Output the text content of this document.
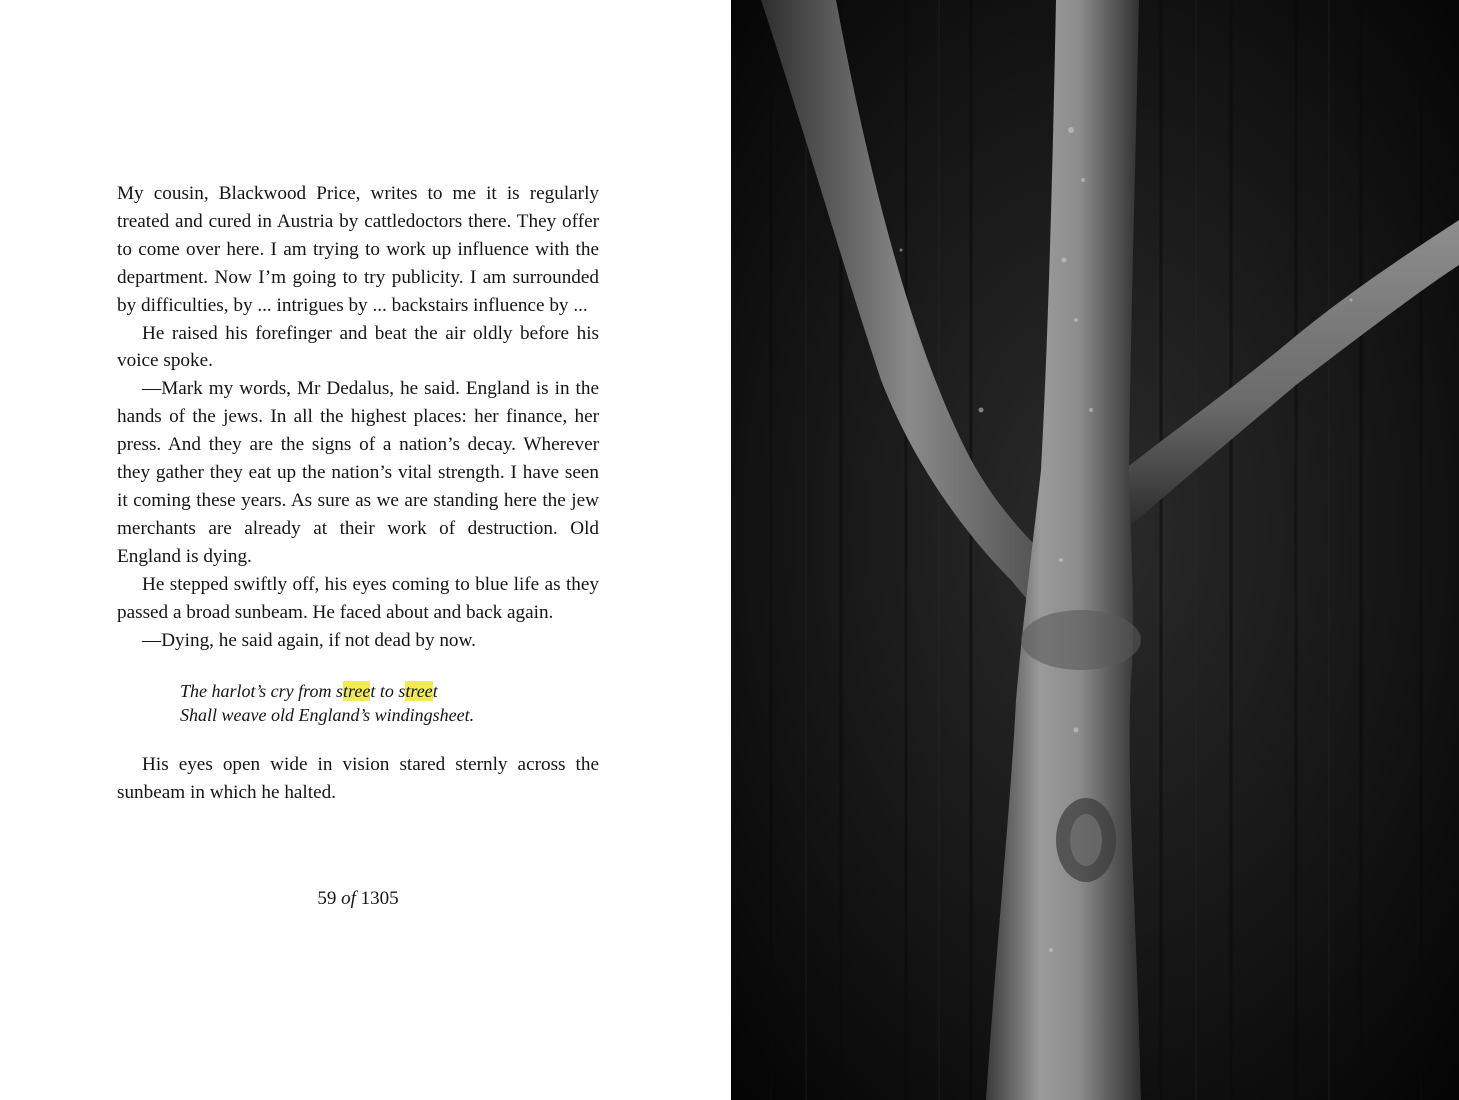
My cousin, Blackwood Price, writes to me it is regularly treated and cured in Austria by cattledoctors there. They offer to come over here. I am trying to work up influence with the department. Now I’m going to try publicity. I am surrounded by difficulties, by ... intrigues by ... backstairs influence by ...

He raised his forefinger and beat the air oldly before his voice spoke.

—Mark my words, Mr Dedalus, he said. England is in the hands of the jews. In all the highest places: her finance, her press. And they are the signs of a nation’s decay. Wherever they gather they eat up the nation’s vital strength. I have seen it coming these years. As sure as we are standing here the jew merchants are already at their work of destruction. Old England is dying.

He stepped swiftly off, his eyes coming to blue life as they passed a broad sunbeam. He faced about and back again.

—Dying, he said again, if not dead by now.

The harlot’s cry from street to street
Shall weave old England’s windingsheet.

His eyes open wide in vision stared sternly across the sunbeam in which he halted.

59 of 1305
